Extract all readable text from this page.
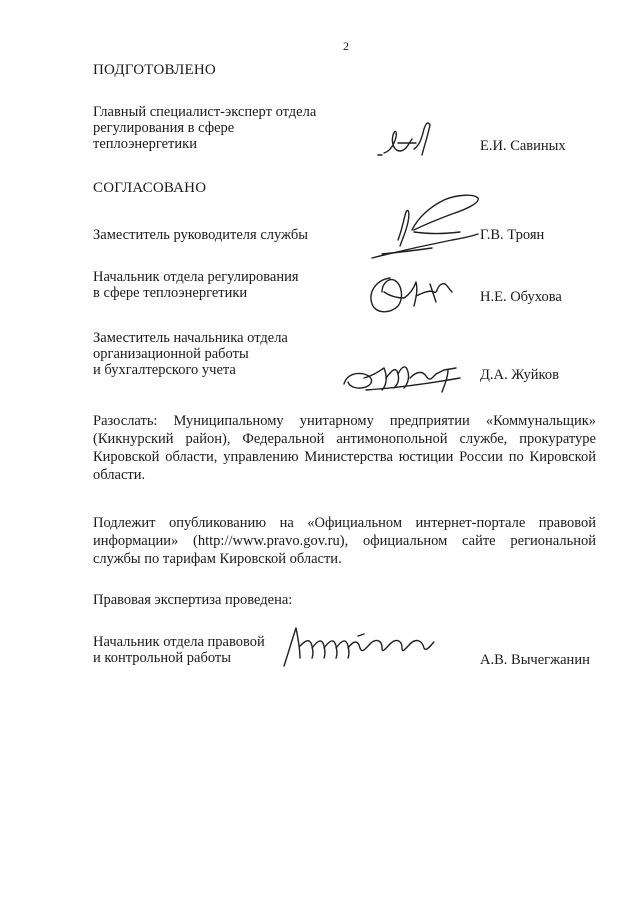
2
ПОДГОТОВЛЕНО
Главный специалист-эксперт отдела
регулирования в сфере
теплоэнергетики	Е.И. Савиных
СОГЛАСОВАНО
Заместитель руководителя службы	Г.В. Троян
Начальник отдела регулирования
в сфере теплоэнергетики	Н.Е. Обухова
Заместитель начальника отдела
организационной работы
и бухгалтерского учета	Д.А. Жуйков
Разослать: Муниципальному унитарному предприятии «Коммунальщик» (Кикнурский район), Федеральной антимонопольной службе, прокуратуре Кировской области, управлению Министерства юстиции России по Кировской области.
Подлежит опубликованию на «Официальном интернет-портале правовой информации» (http://www.pravo.gov.ru), официальном сайте региональной службы по тарифам Кировской области.
Правовая экспертиза проведена:
Начальник отдела правовой
и контрольной работы	А.В. Вычегжанин
